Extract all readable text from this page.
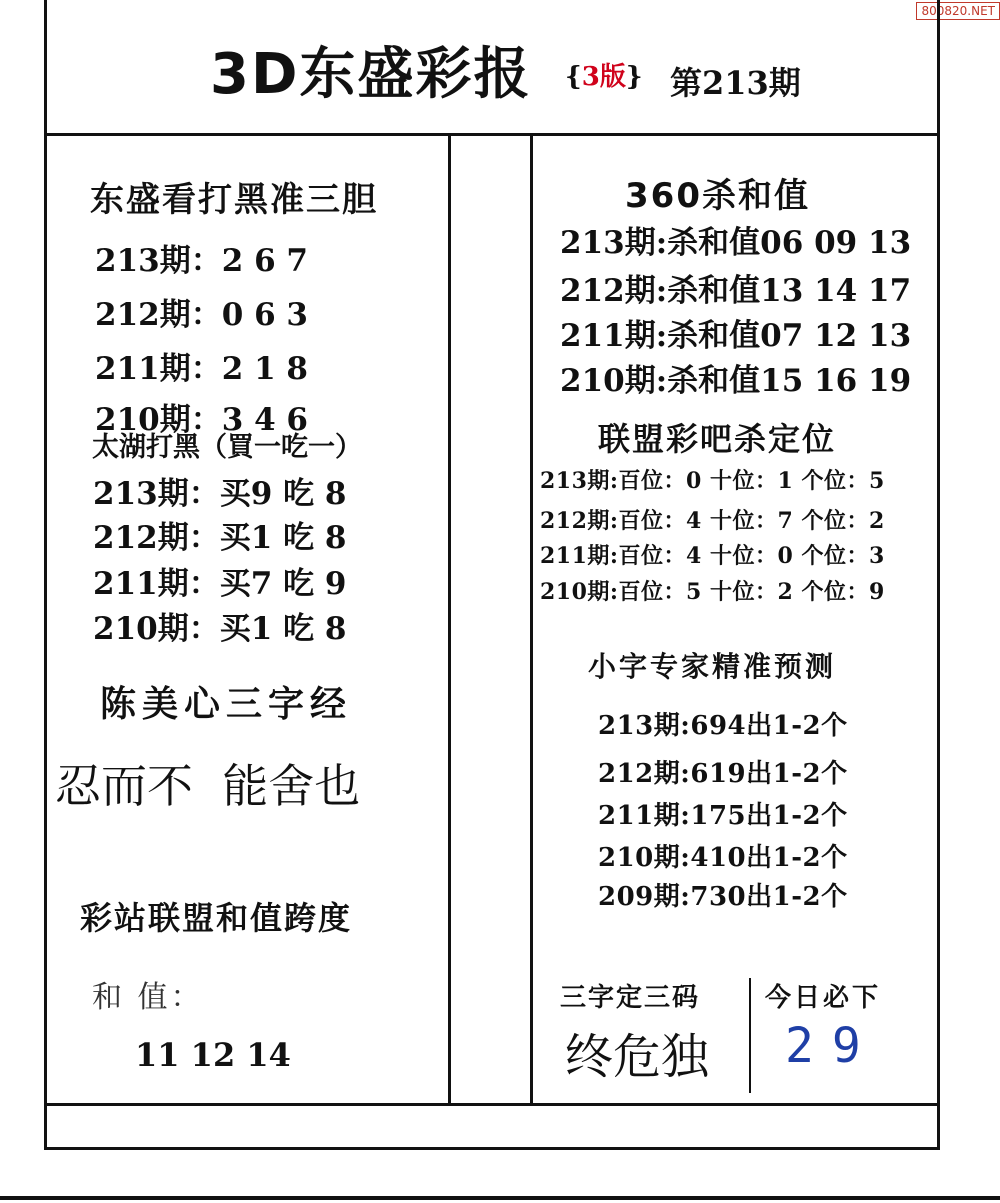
800820.NET
3D东盛彩报 {3版} 第213期
东盛看打黑准三胆
213期：2 6 7
212期：0 6 3
211期：2 1 8
210期：3 4 6
太湖打黑（買一吃一）
213期：买9 吃 8
212期：买1 吃 8
211期：买7 吃 9
210期：买1 吃 8
陈美心三字经
忍而不  能舍也
彩站联盟和值跨度
和 值：
11 12 14
360杀和值
213期:杀和值06 09 13
212期:杀和值13 14 17
211期:杀和值07 12 13
210期:杀和值15 16 19
联盟彩吧杀定位
213期:百位：0 十位：1 个位：5
212期:百位：4 十位：7 个位：2
211期:百位：4 十位：0 个位：3
210期:百位：5 十位：2 个位：9
小字专家精准预测
213期:694出1-2个
212期:619出1-2个
211期:175出1-2个
210期:410出1-2个
209期:730出1-2个
三字定三码
终危独
今日必下
29
